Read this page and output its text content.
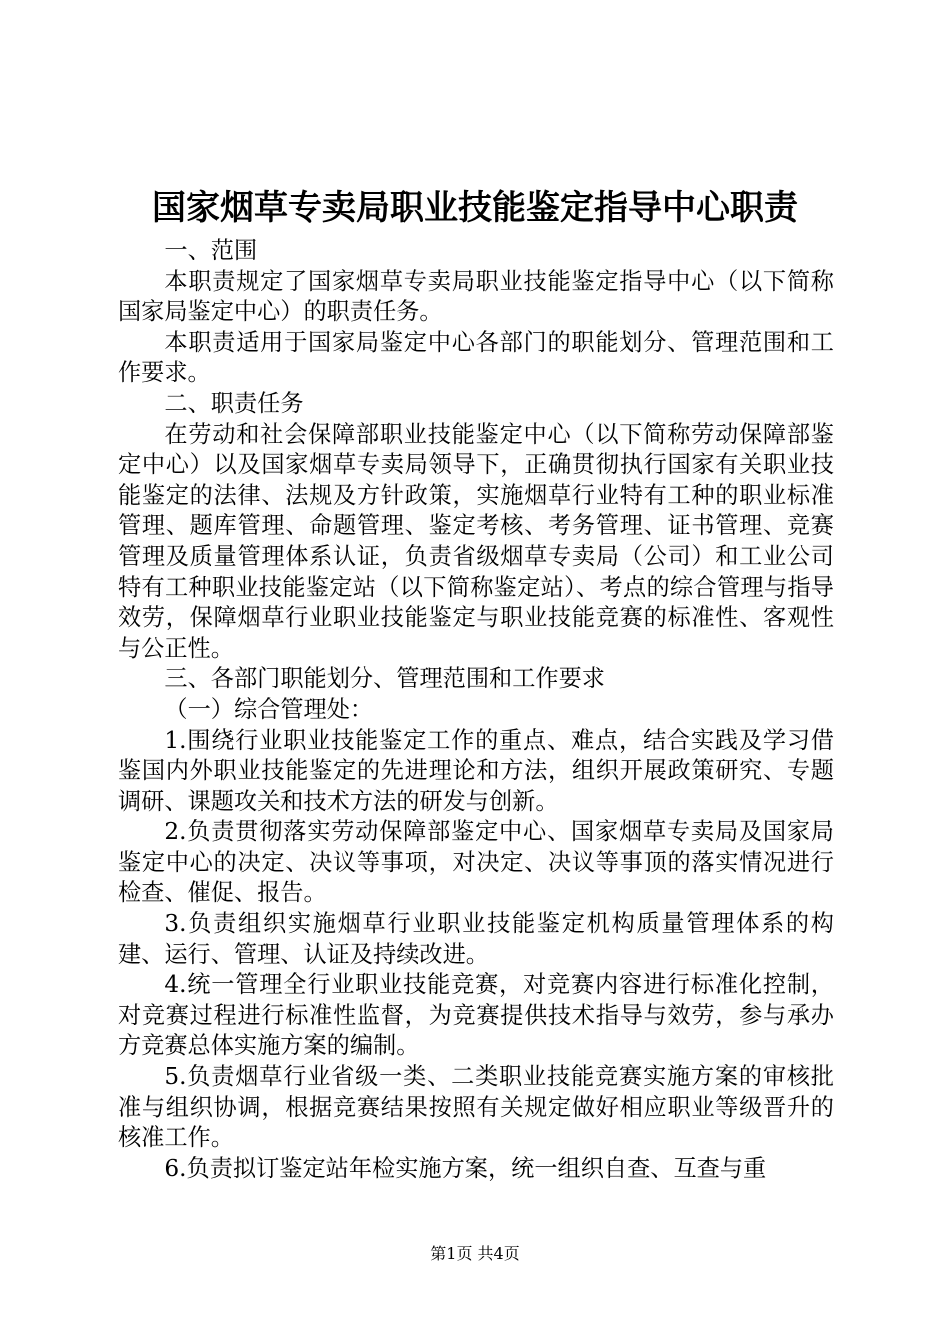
国家烟草专卖局职业技能鉴定指导中心职责

一、范围

本职责规定了国家烟草专卖局职业技能鉴定指导中心（以下简称国家局鉴定中心）的职责任务。

本职责适用于国家局鉴定中心各部门的职能划分、管理范围和工作要求。

二、职责任务

在劳动和社会保障部职业技能鉴定中心（以下简称劳动保障部鉴定中心）以及国家烟草专卖局领导下，正确贯彻执行国家有关职业技能鉴定的法律、法规及方针政策，实施烟草行业特有工种的职业标准管理、题库管理、命题管理、鉴定考核、考务管理、证书管理、竞赛管理及质量管理体系认证，负责省级烟草专卖局（公司）和工业公司特有工种职业技能鉴定站（以下简称鉴定站）、考点的综合管理与指导效劳，保障烟草行业职业技能鉴定与职业技能竞赛的标准性、客观性与公正性。

三、各部门职能划分、管理范围和工作要求

（一）综合管理处：

1.围绕行业职业技能鉴定工作的重点、难点，结合实践及学习借鉴国内外职业技能鉴定的先进理论和方法，组织开展政策研究、专题调研、课题攻关和技术方法的研发与创新。

2.负责贯彻落实劳动保障部鉴定中心、国家烟草专卖局及国家局鉴定中心的决定、决议等事项，对决定、决议等事顶的落实情况进行检查、催促、报告。

3.负责组织实施烟草行业职业技能鉴定机构质量管理体系的构建、运行、管理、认证及持续改进。

4.统一管理全行业职业技能竞赛，对竞赛内容进行标准化控制，对竞赛过程进行标准性监督，为竞赛提供技术指导与效劳，参与承办方竞赛总体实施方案的编制。

5.负责烟草行业省级一类、二类职业技能竞赛实施方案的审核批准与组织协调，根据竞赛结果按照有关规定做好相应职业等级晋升的核准工作。

6.负责拟订鉴定站年检实施方案，统一组织自查、互查与重

第1页 共4页
